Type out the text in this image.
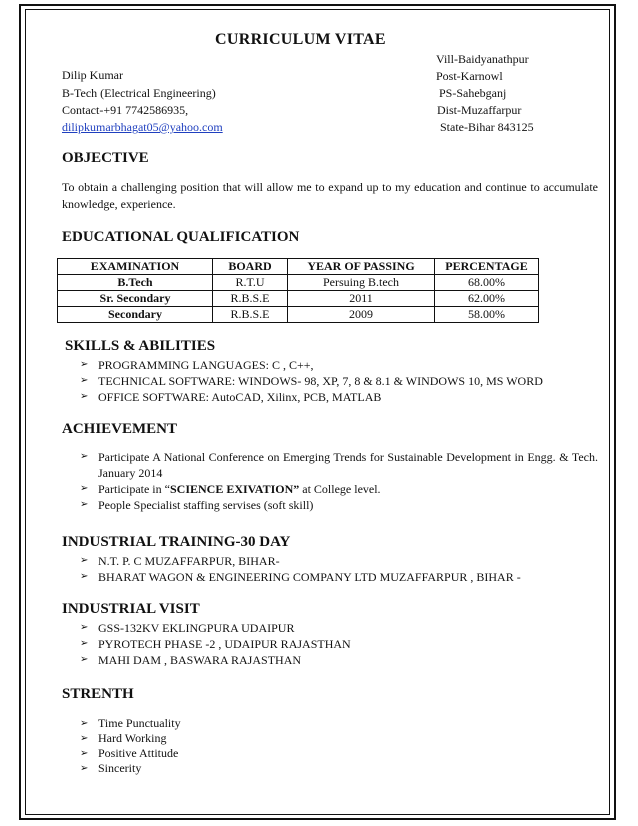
CURRICULUM VITAE
Dilip Kumar
B-Tech (Electrical Engineering)
Contact-+91 7742586935,
dilipkumarbhagat05@yahoo.com
Vill-Baidyanathpur
Post-Karnowl
PS-Sahebganj
Dist-Muzaffarpur
State-Bihar 843125
OBJECTIVE
To obtain a challenging position that will allow me to expand up to my education and continue to accumulate knowledge, experience.
EDUCATIONAL QUALIFICATION
EXAMINATION	BOARD	YEAR OF PASSING	PERCENTAGE
B.Tech	R.T.U	Persuing B.tech	68.00%
Sr. Secondary	R.B.S.E	2011	62.00%
Secondary	R.B.S.E	2009	58.00%
SKILLS & ABILITIES
➢ PROGRAMMING LANGUAGES: C , C++,
➢ TECHNICAL SOFTWARE: WINDOWS- 98, XP, 7, 8 & 8.1 & WINDOWS 10, MS WORD
➢ OFFICE SOFTWARE: AutoCAD, Xilinx, PCB, MATLAB
ACHIEVEMENT
➢ Participate A National Conference on Emerging Trends for Sustainable Development in Engg. & Tech. January 2014
➢ Participate in “SCIENCE EXIVATION” at College level.
➢ People Specialist staffing servises (soft skill)
INDUSTRIAL TRAINING-30 DAY
➢ N.T. P. C MUZAFFARPUR, BIHAR-
➢ BHARAT WAGON & ENGINEERING COMPANY LTD MUZAFFARPUR , BIHAR -
INDUSTRIAL VISIT
➢ GSS-132KV EKLINGPURA UDAIPUR
➢ PYROTECH PHASE -2 , UDAIPUR RAJASTHAN
➢ MAHI DAM , BASWARA RAJASTHAN
STRENTH
➢ Time Punctuality
➢ Hard Working
➢ Positive Attitude
➢ Sincerity
